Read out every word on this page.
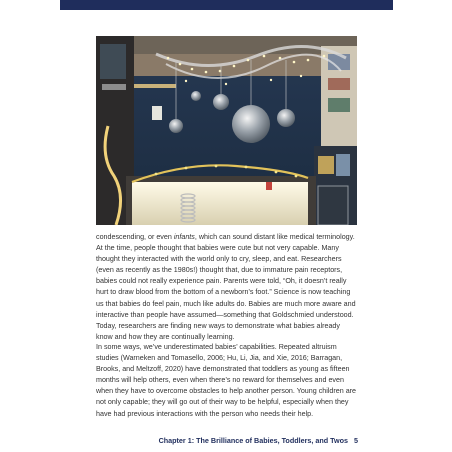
condescending, or even infants, which can sound distant like medical terminology. At the time, people thought that babies were cute but not very capable. Many thought they interacted with the world only to cry, sleep, and eat. Researchers (even as recently as the 1980s!) thought that, due to immature pain receptors, babies could not really experience pain. Parents were told, “Oh, it doesn’t really hurt to draw blood from the bottom of a newborn’s foot.” Science is now teaching us that babies do feel pain, much like adults do. Babies are much more aware and interactive than people have assumed—something that Goldschmied understood. Today, researchers are finding new ways to demonstrate what babies already know and how they are continually learning.

In some ways, we’ve underestimated babies’ capabilities. Repeated altruism studies (Warneken and Tomasello, 2006; Hu, Li, Jia, and Xie, 2016; Barragan, Brooks, and Meltzoff, 2020) have demonstrated that toddlers as young as fifteen months will help others, even when there’s no reward for themselves and even when they have to overcome obstacles to help another person. Young children are not only capable; they will go out of their way to be helpful, especially when they have had previous interactions with the person who needs their help.

Chapter 1: The Brilliance of Babies, Toddlers, and Twos 5
